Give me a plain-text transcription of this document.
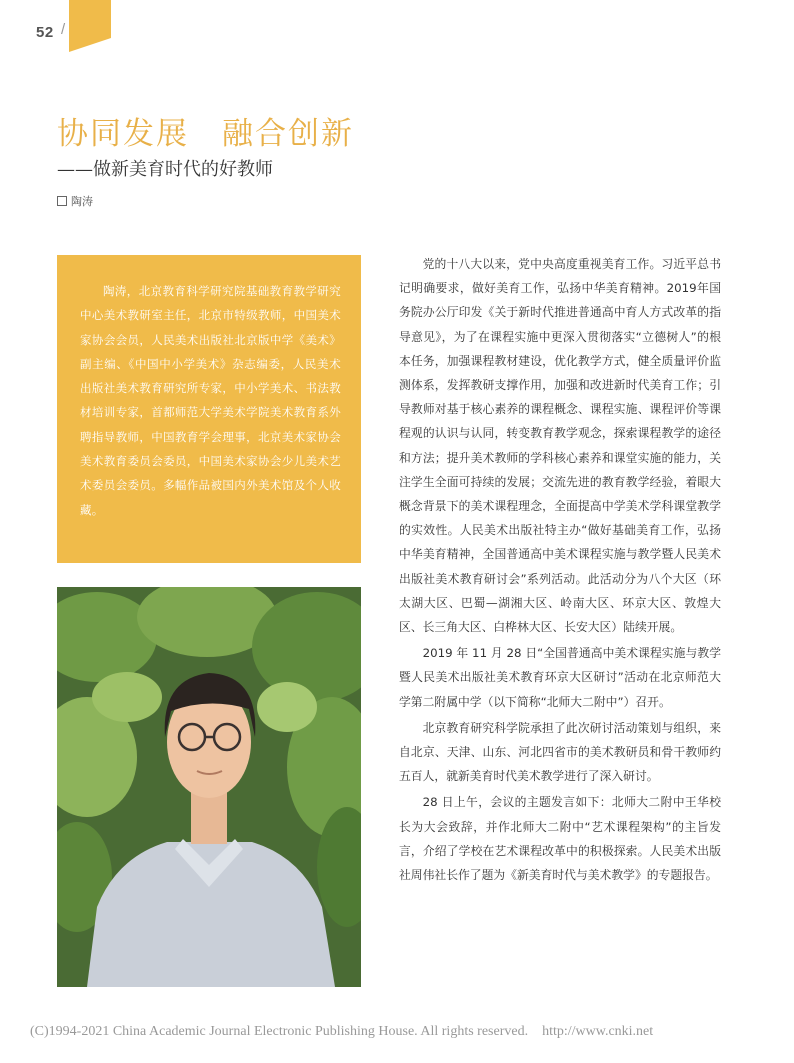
52 /
协同发展　融合创新
——做新美育时代的好教师
陶涛

陶涛，北京教育科学研究院基础教育教学研究中心美术教研室主任，北京市特级教师，中国美术家协会会员，人民美术出版社北京版中学《美术》副主编、《中国中小学美术》杂志编委，人民美术出版社美术教育研究所专家，中小学美术、书法教材培训专家，首都师范大学美术学院美术教育系外聘指导教师，中国教育学会理事，北京美术家协会美术教育委员会委员，中国美术家协会少儿美术艺术委员会委员。多幅作品被国内外美术馆及个人收藏。

党的十八大以来，党中央高度重视美育工作。习近平总书记明确要求，做好美育工作，弘扬中华美育精神。2019年国务院办公厅印发《关于新时代推进普通高中育人方式改革的指导意见》，为了在课程实施中更深入贯彻落实“立德树人”的根本任务，加强课程教材建设，优化教学方式，健全质量评价监测体系，发挥教研支撑作用，加强和改进新时代美育工作；引导教师对基于核心素养的课程概念、课程实施、课程评价等课程观的认识与认同，转变教育教学观念，探索课程教学的途径和方法；提升美术教师的学科核心素养和课堂实施的能力，关注学生全面可持续的发展；交流先进的教育教学经验，着眼大概念背景下的美术课程理念，全面提高中学美术学科课堂教学的实效性。人民美术出版社特主办“做好基础美育工作，弘扬中华美育精神，全国普通高中美术课程实施与教学暨人民美术出版社美术教育研讨会”系列活动。此活动分为八个大区（环太湖大区、巴蜀—湖湘大区、岭南大区、环京大区、敦煌大区、长三角大区、白桦林大区、长安大区）陆续开展。

2019 年 11 月 28 日“全国普通高中美术课程实施与教学暨人民美术出版社美术教育环京大区研讨”活动在北京师范大学第二附属中学（以下简称“北师大二附中”）召开。

北京教育研究科学院承担了此次研讨活动策划与组织，来自北京、天津、山东、河北四省市的美术教研员和骨干教师约五百人，就新美育时代美术教学进行了深入研讨。

28 日上午，会议的主题发言如下：北师大二附中王华校长为大会致辞，并作北师大二附中“艺术课程架构”的主旨发言，介绍了学校在艺术课程改革中的积极探索。人民美术出版社周伟社长作了题为《新美育时代与美术教学》的专题报告。

(C)1994-2021 China Academic Journal Electronic Publishing House. All rights reserved.    http://www.cnki.net
